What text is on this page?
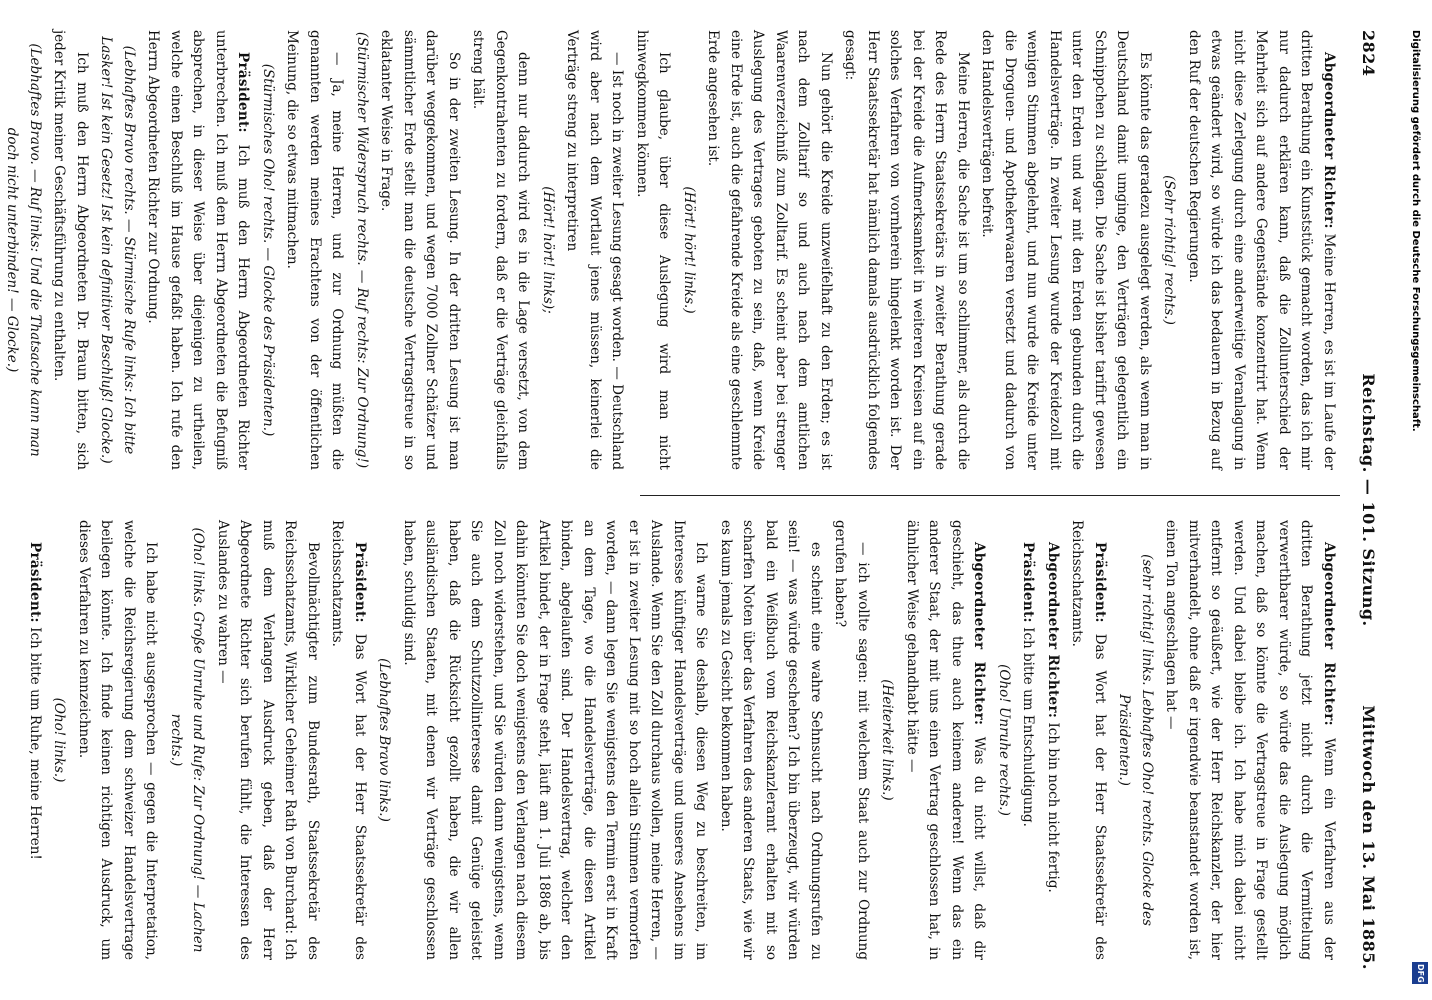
2824
Reichstag. — 101. Sitzung.
Mittwoch den 13. Mai 1885.

Abgeordneter Richter: Meine Herren, es ist im Laufe der dritten Berathung ein Kunststück gemacht worden, das ich mir nur dadurch erklären kann, daß die Zollunterschied der Mehrheit sich auf andere Gegenstände konzentrirt hat. Wenn nicht diese Zerlegung durch eine anderweitige Veranlagung in etwas geändert wird, so würde ich das bedauern in Bezug auf den Ruf der deutschen Regierungen.

(Sehr richtig! rechts.)

Es könnte das geradezu ausgelegt werden, als wenn man in Deutschland damit umginge, den Verträgen gelegentlich ein Schnippchen zu schlagen. Die Sache ist bisher tarifirt gewesen unter den Erden und war mit den Erden gebunden durch die Handelsverträge. In zweiter Lesung wurde der Kreidezoll mit wenigen Stimmen abgelehnt, und nun wurde die Kreide unter die Droguen- und Apothekerwaaren versetzt und dadurch von den Handelsverträgen befreit.

Meine Herren, die Sache ist um so schlimmer, als durch die Rede des Herrn Staatssekretärs in zweiter Berathung gerade bei der Kreide die Aufmerksamkeit in weiteren Kreisen auf ein solches Verfahren von vornherein hingelenkt worden ist. Der Herr Staatssekretär hat nämlich damals ausdrücklich folgendes gesagt:

Nun gehört die Kreide unzweifelhaft zu den Erden; es ist nach dem Zolltarif so und auch nach dem amtlichen Waarenverzeichniß zum Zolltarif. Es scheint aber bei strenger Auslegung des Vertrages geboten zu sein, daß, wenn Kreide eine Erde ist, auch die gefahrende Kreide als eine geschlemmte Erde angesehen ist.

(Hört! hört! links.)

Ich glaube, über diese Auslegung wird man nicht hinwegkommen können.

— Ist noch in zweiter Lesung gesagt worden. — Deutschland wird aber nach dem Wortlaut jenes müssen, keinerlei die Verträge streng zu interpretiren

(Hört! hört! links);

denn nur dadurch wird es in die Lage versetzt, von dem Gegenkontrahenten zu fordern, daß er die Verträge gleichfalls streng hält.

So in der zweiten Lesung. In der dritten Lesung ist man darüber weggekommen, und wegen 7000 Zollner Schätzer und sämmtlicher Erde stellt man die deutsche Vertragstreue in so eklatanter Weise in Frage.

(Stürmischer Widerspruch rechts. — Ruf rechts: Zur Ordnung!)

— Ja, meine Herren, und zur Ordnung müßten die genannten werden meines Erachtens von der öffentlichen Meinung, die so etwas mitmachen.

(Stürmisches Oho! rechts. — Glocke des Präsidenten.)

Präsident: Ich muß den Herrn Abgeordneten Richter unterbrechen. Ich muß dem Herrn Abgeordneten die Befugniß absprechen, in dieser Weise über diejenigen zu urtheilen, welche einen Beschluß im Hause gefaßt haben. Ich rufe den Herrn Abgeordneten Richter zur Ordnung.

(Lebhaftes Bravo rechts. — Stürmische Rufe links: Ich bitte Lasker! Ist kein Gesetz! Ist kein definitiver Beschluß! Glocke.)

Ich muß den Herrn Abgeordneten Dr. Braun bitten, sich jeder Kritik meiner Geschäftsführung zu enthalten.

(Lebhaftes Bravo. — Ruf links: Und die Thatsache kann man doch nicht unterbinden! — Glocke.)

Abgeordneter Richter: Wenn ein Verfahren aus der dritten Berathung jetzt nicht durch die Vermittelung verwerthbarer würde, so würde das die Auslegung möglich machen, daß so könnte die Vertragstreue in Frage gestellt werden. Und dabei bleibe ich. Ich habe mich dabei nicht entfernt so geäußert, wie der Herr Reichskanzler, der hier mitverhandelt, ohne daß er irgendwie beanstandet worden ist, einen Ton angeschlagen hat —

(sehr richtig! links. Lebhaftes Oho! rechts. Glocke des Präsidenten.)

Präsident: Das Wort hat der Herr Staatssekretär des Reichsschatzamts.

Abgeordneter Richter: Ich bin noch nicht fertig.

Präsident: Ich bitte um Entschuldigung.

(Oho! Unruhe rechts.)

Abgeordneter Richter: Was du nicht willst, daß dir geschieht, das thue auch keinem anderen! Wenn das ein anderer Staat, der mit uns einen Vertrag geschlossen hat, in ähnlicher Weise gehandhabt hätte —

(Heiterkeit links.)

— ich wollte sagen: mit welchem Staat auch zur Ordnung gerufen haben?

es scheint eine wahre Sehnsucht nach Ordnungsrufen zu sein! — was würde geschehen? Ich bin überzeugt, wir würden bald ein Weißbuch vom Reichskanzleramt erhalten mit so scharfen Noten über das Verfahren des anderen Staats, wie wir es kaum jemals zu Gesicht bekommen haben.

Ich warne Sie deshalb, diesen Weg zu beschreiten, im Interesse künftiger Handelsverträge und unseres Ansehens im Auslande. Wenn Sie den Zoll durchaus wollen, meine Herren, — er ist in zweiter Lesung mit so hoch allein Stimmen vermorfen worden, — dann legen Sie wenigstens den Termin erst in Kraft an dem Tage, wo die Handelsverträge, die diesen Artikel binden, abgelaufen sind. Der Handelsvertrag, welcher den Artikel bindet, der in Frage steht, läuft am 1. Juli 1886 ab, bis dahin könnten Sie doch wenigstens den Verlangen nach diesem Zoll noch widerstehen, und Sie würden dann wenigstens, wenn Sie auch dem Schutzzollinteresse damit Genüge geleistet haben, daß die Rücksicht gezollt haben, die wir allen ausländischen Staaten, mit denen wir Verträge geschlossen haben, schuldig sind.

(Lebhaftes Bravo links.)

Präsident: Das Wort hat der Herr Staatssekretär des Reichsschatzamts.

Bevollmächtigter zum Bundesrath, Staatssekretär des Reichsschatzamts, Wirklicher Geheimer Rath von Burchard: Ich muß dem Verlangen Ausdruck geben, daß der Herr Abgeordnete Richter sich berufen fühlt, die Interessen des Auslandes zu wahren —

(Oho! links. Große Unruhe und Rufe: Zur Ordnung! — Lachen rechts.)

Ich habe nicht ausgesprochen — gegen die Interpretation, welche die Reichsregierung dem schweizer Handelsvertrage beilegen könnte. Ich finde keinen richtigen Ausdruck, um dieses Verfahren zu kennzeichnen.

(Oho! links.)

Präsident: Ich bitte um Ruhe, meine Herren!

Digitalisierung gefördert durch die Deutsche Forschungsgemeinschaft.
DFG
